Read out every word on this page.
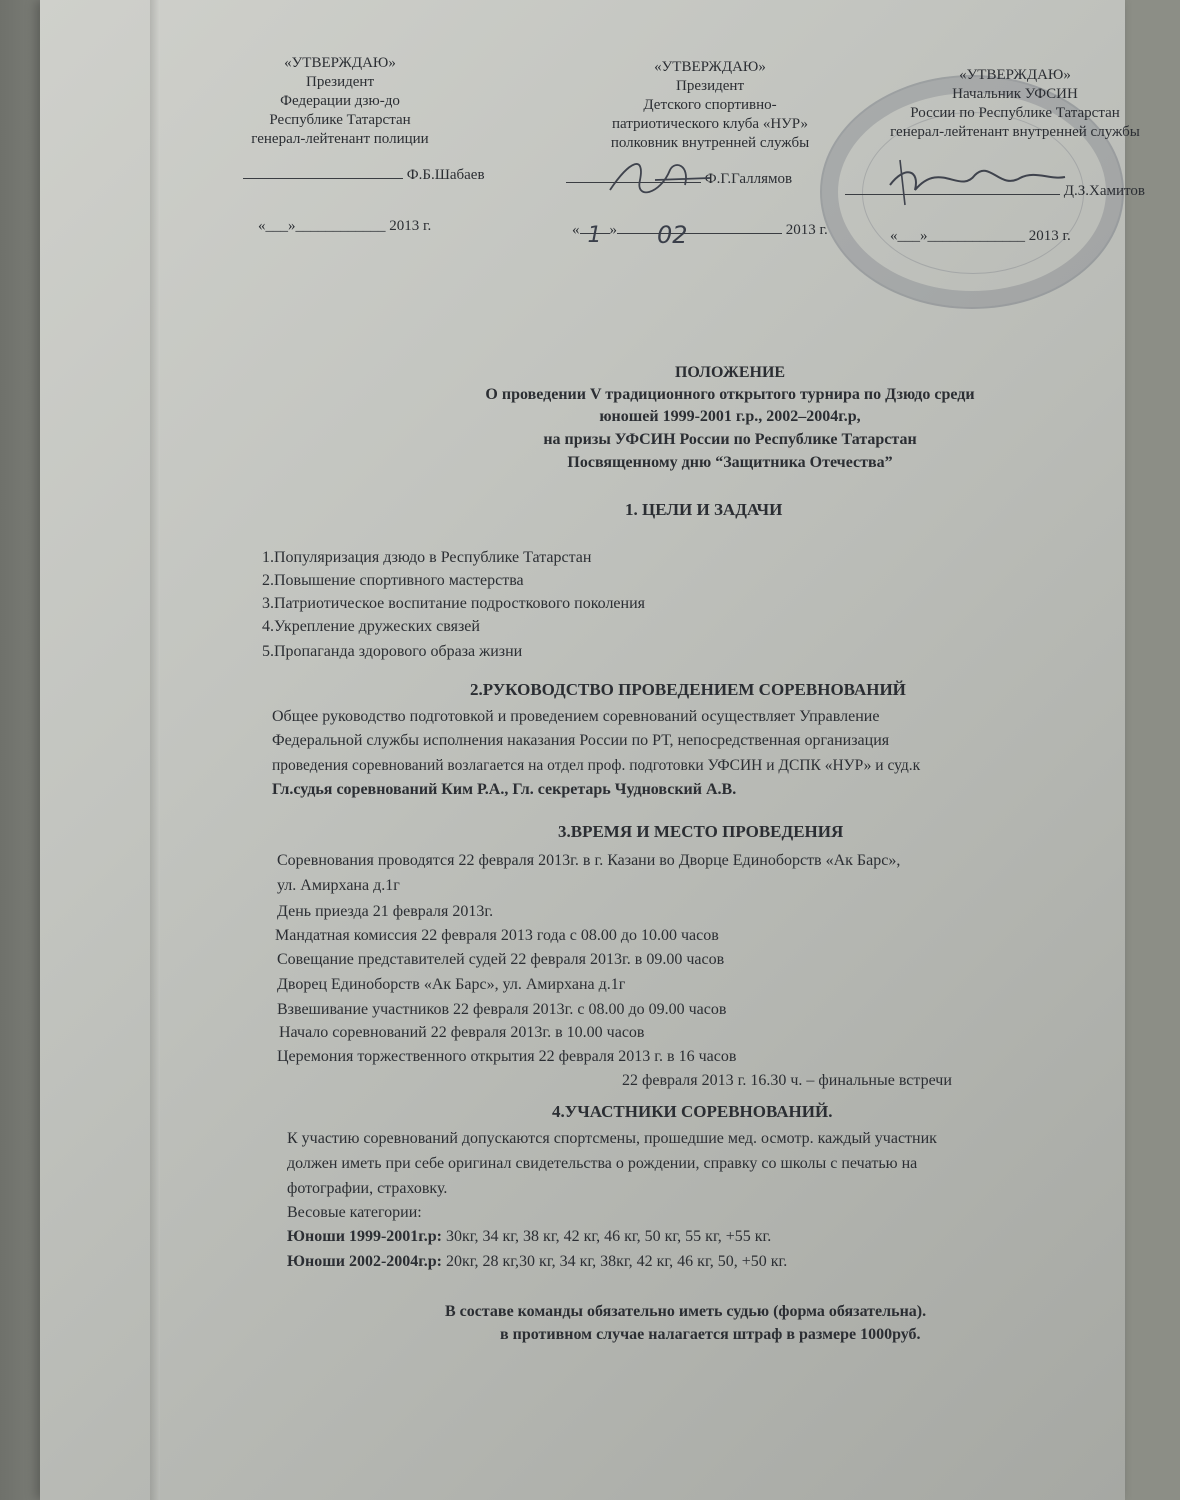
«УТВЕРЖДАЮ»
Президент
Федерации дзю-до
Республике Татарстан
генерал-лейтенант полиции
Ф.Б.Шабаев
«___»____________ 2013 г.
«УТВЕРЖДАЮ»
Президент
Детского спортивно-
патриотического клуба «НУР»
полковник внутренней службы
Ф.Г.Галлямов
« 1 » 02	2013 г.
«УТВЕРЖДАЮ»
Начальник УФСИН
России по Республике Татарстан
генерал-лейтенант внутренней службы
Д.З.Хамитов
«___»_____________ 2013 г.
ПОЛОЖЕНИЕ
О проведении V традиционного открытого турнира по Дзюдо среди
юношей 1999-2001 г.р., 2002–2004г.р,
на призы УФСИН России по Республике Татарстан
Посвященному дню “Защитника Отечества”
1. ЦЕЛИ И ЗАДАЧИ
1.Популяризация дзюдо в Республике Татарстан
2.Повышение спортивного мастерства
3.Патриотическое воспитание подросткового поколения
4.Укрепление дружеских связей
5.Пропаганда здорового образа жизни
2.РУКОВОДСТВО ПРОВЕДЕНИЕМ СОРЕВНОВАНИЙ
Общее руководство подготовкой и проведением соревнований осуществляет Управление
Федеральной службы исполнения наказания России по РТ, непосредственная организация
проведения соревнований возлагается на отдел проф. подготовки УФСИН и ДСПК «НУР» и суд.к
Гл.судья соревнований Ким Р.А., Гл. секретарь Чудновский А.В.
3.ВРЕМЯ И МЕСТО ПРОВЕДЕНИЯ
Соревнования проводятся 22 февраля 2013г. в г. Казани во Дворце Единоборств «Ак Барс»,
ул. Амирхана д.1г
День приезда 21 февраля 2013г.
Мандатная комиссия 22 февраля 2013 года с 08.00 до 10.00 часов
Совещание представителей судей 22 февраля 2013г. в 09.00 часов
Дворец Единоборств «Ак Барс», ул. Амирхана д.1г
Взвешивание участников 22 февраля 2013г. с 08.00 до 09.00 часов
Начало соревнований 22 февраля 2013г. в 10.00 часов
Церемония торжественного открытия 22 февраля 2013 г. в 16 часов
22 февраля 2013 г. 16.30 ч. – финальные встречи
4.УЧАСТНИКИ СОРЕВНОВАНИЙ.
К участию соревнований допускаются спортсмены, прошедшие мед. осмотр. каждый участник
должен иметь при себе оригинал свидетельства о рождении, справку со школы с печатью на
фотографии, страховку.
Весовые категории:
Юноши 1999-2001г.р: 30кг, 34 кг, 38 кг, 42 кг, 46 кг, 50 кг, 55 кг, +55 кг.
Юноши 2002-2004г.р: 20кг, 28 кг,30 кг, 34 кг, 38кг, 42 кг, 46 кг, 50, +50 кг.
В составе команды обязательно иметь судью (форма обязательна).
в противном случае налагается штраф в размере 1000руб.
